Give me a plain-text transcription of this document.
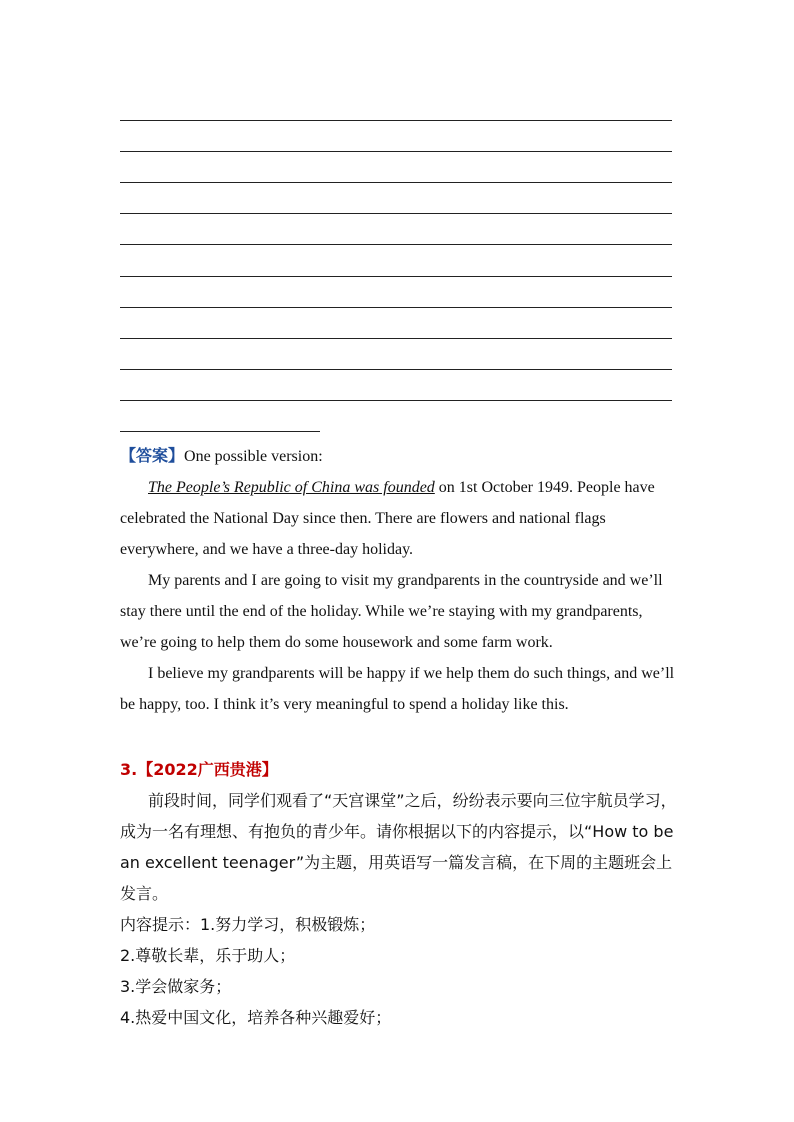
【答案】One possible version:

The People’s Republic of China was founded on 1st October 1949. People have celebrated the National Day since then. There are flowers and national flags everywhere, and we have a three-day holiday.

My parents and I are going to visit my grandparents in the countryside and we’ll stay there until the end of the holiday. While we’re staying with my grandparents, we’re going to help them do some housework and some farm work.

I believe my grandparents will be happy if we help them do such things, and we’ll be happy, too. I think it’s very meaningful to spend a holiday like this.

3.【2022广西贵港】

前段时间，同学们观看了“天宫课堂”之后，纷纷表示要向三位宇航员学习，成为一名有理想、有抱负的青少年。请你根据以下的内容提示，以“How to be an excellent teenager”为主题，用英语写一篇发言稿，在下周的主题班会上发言。

内容提示：1.努力学习，积极锻炼；

2.尊敬长辈，乐于助人；

3.学会做家务；

4.热爱中国文化，培养各种兴趣爱好；
